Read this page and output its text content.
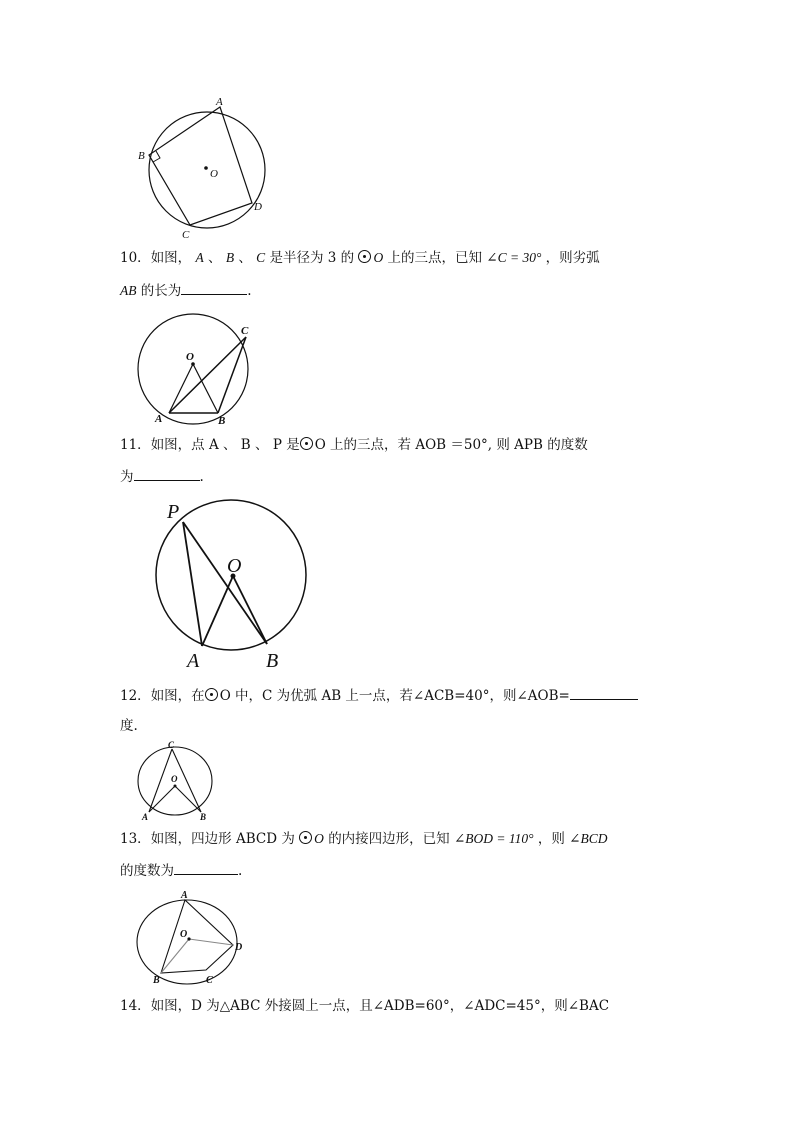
A
B
C
D
O
10．如图， A 、 B 、 C 是半径为 3 的 O 上的三点，已知 ∠C = 30° ，则劣弧
AB 的长为	.
O
C
A	B
11．如图，点 A 、 B 、 P 是 O 上的三点，若 AOB ＝50°, 则 APB 的度数
为	.
P
O
A	B
12．如图，在 O 中，C 为优弧 AB 上一点，若∠ACB=40°，则∠AOB=
度.
C
O
A	B
13．如图，四边形 ABCD 为 O 的内接四边形，已知 ∠BOD = 110° ，则 ∠BCD
的度数为	.
A
O
D
B	C
14．如图，D 为△ABC 外接圆上一点，且∠ADB=60°，∠ADC=45°，则∠BAC
